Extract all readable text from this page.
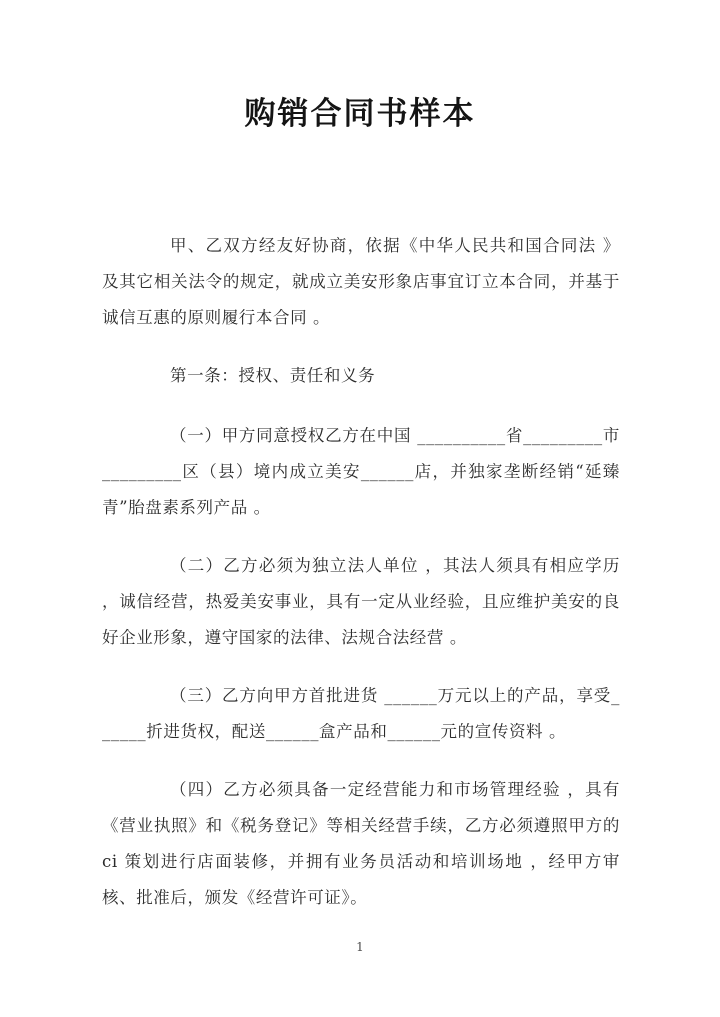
购销合同书样本

甲、乙双方经友好协商，依据《中华人民共和国合同法 》及其它相关法令的规定，就成立美安形象店事宜订立本合同，并基于诚信互惠的原则履行本合同 。

第一条：授权、责任和义务

（一）甲方同意授权乙方在中国 __________省_________市_________区（县）境内成立美安______店，并独家垄断经销“延臻青”胎盘素系列产品 。

（二）乙方必须为独立法人单位 ，其法人须具有相应学历 ，诚信经营，热爱美安事业，具有一定从业经验，且应维护美安的良好企业形象，遵守国家的法律、法规合法经营 。

（三）乙方向甲方首批进货 ______万元以上的产品，享受______折进货权，配送______盒产品和______元的宣传资料 。

（四）乙方必须具备一定经营能力和市场管理经验 ，具有《营业执照》和《税务登记》等相关经营手续，乙方必须遵照甲方的 ci 策划进行店面装修，并拥有业务员活动和培训场地 ，经甲方审核、批准后，颁发《经营许可证》。

1
